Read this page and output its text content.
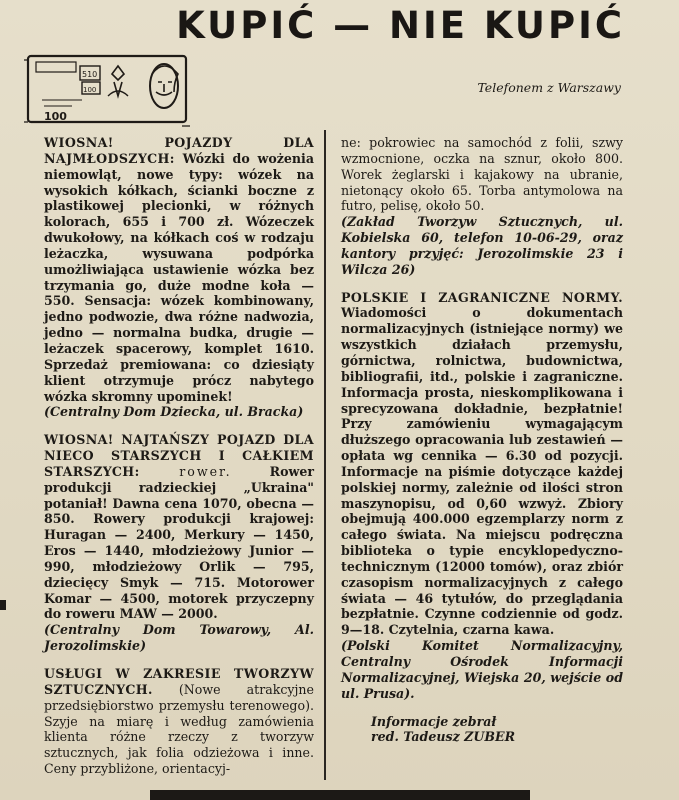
KUPIĆ — NIE KUPIĆ
510
100
100
Telefonem z Warszawy

WIOSNA! POJAZDY DLA NAJMŁODSZYCH: Wózki do wożenia niemowląt, nowe typy: wózek na wysokich kółkach, ścianki boczne z plastikowej plecionki, w różnych kolorach, 655 i 700 zł. Wózeczek dwukołowy, na kółkach coś w rodzaju leżaczka, wysuwana podpórka umożliwiająca ustawienie wózka bez trzymania go, duże modne koła — 550. Sensacja: wózek kombinowany, jedno podwozie, dwa różne nadwozia, jedno — normalna budka, drugie — leżaczek spacerowy, komplet 1610. Sprzedaż premiowana: co dziesiąty klient otrzymuje prócz nabytego wózka skromny upominek!
(Centralny Dom Dziecka, ul. Bracka)

WIOSNA! NAJTAŃSZY POJAZD DLA NIECO STARSZYCH I CAŁKIEM STARSZYCH: rower. Rower produkcji radzieckiej „Ukraina" potaniał! Dawna cena 1070, obecna — 850. Rowery produkcji krajowej: Huragan — 2400, Merkury — 1450, Eros — 1440, młodzieżowy Junior — 990, młodzieżowy Orlik — 795, dziecięcy Smyk — 715. Motorower Komar — 4500, motorek przyczepny do roweru MAW — 2000.
(Centralny Dom Towarowy, Al. Jerozolimskie)

USŁUGI W ZAKRESIE TWORZYW SZTUCZNYCH. (Nowe atrakcyjne przedsiębiorstwo przemysłu terenowego). Szyje na miarę i według zamówienia klienta różne rzeczy z tworzyw sztucznych, jak folia odzieżowa i inne. Ceny przybliżone, orientacyj-

ne: pokrowiec na samochód z folii, szwy wzmocnione, oczka na sznur, około 800. Worek żeglarski i kajakowy na ubranie, nietonący około 65. Torba antymolowa na futro, pelisę, około 50.
(Zakład Tworzyw Sztucznych, ul. Kobielska 60, telefon 10-06-29, oraz kantory przyjęć: Jerozolimskie 23 i Wilcza 26)

POLSKIE I ZAGRANICZNE NORMY. Wiadomości o dokumentach normalizacyjnych (istniejące normy) we wszystkich działach przemysłu, górnictwa, rolnictwa, budownictwa, bibliografii, itd., polskie i zagraniczne. Informacja prosta, nieskomplikowana i sprecyzowana dokładnie, bezpłatnie! Przy zamówieniu wymagającym dłuższego opracowania lub zestawień — opłata wg cennika — 6.30 od pozycji. Informacje na piśmie dotyczące każdej polskiej normy, zależnie od ilości stron maszynopisu, od 0,60 wzwyż. Zbiory obejmują 400.000 egzemplarzy norm z całego świata. Na miejscu podręczna biblioteka o typie encyklopedyczno-technicznym (12000 tomów), oraz zbiór czasopism normalizacyjnych z całego świata — 46 tytułów, do przeglądania bezpłatnie. Czynne codziennie od godz. 9—18. Czytelnia, czarna kawa.
(Polski Komitet Normalizacyjny, Centralny Ośrodek Informacji Normalizacyjnej, Wiejska 20, wejście od ul. Prusa).

Informacje zebrał
red. Tadeusz ZUBER
